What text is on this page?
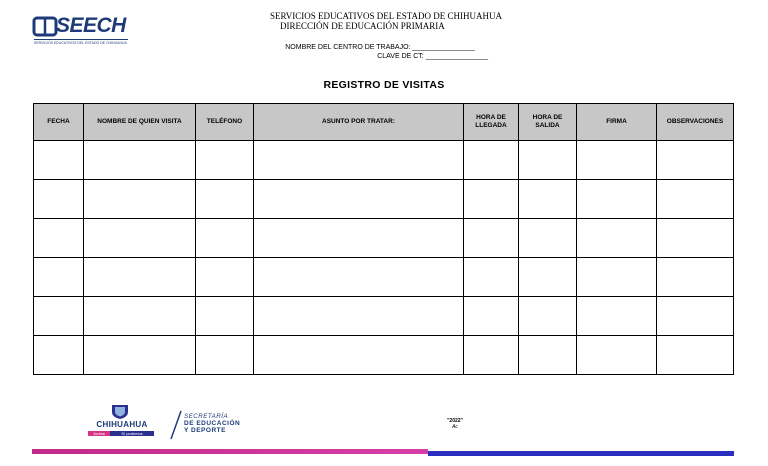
SEECH
SERVICIOS EDUCATIVOS DEL ESTADO DE CHIHUAHUA
SERVICIOS EDUCATIVOS DEL ESTADO DE CHIHUAHUA
DIRECCIÓN DE EDUCACIÓN PRIMARIA
NOMBRE DEL CENTRO DE TRABAJO: ________________
CLAVE DE CT: ________________
REGISTRO DE VISITAS
FECHA	NOMBRE DE QUIEN VISITA	TELÉFONO	ASUNTO POR TRATAR:	HORA DE LLEGADA	HORA DE SALIDA	FIRMA	OBSERVACIONES

CHIHUAHUA
Juntos	Sí podemos
SECRETARÍA
DE EDUCACIÓN
Y DEPORTE
"2022"
Ac
